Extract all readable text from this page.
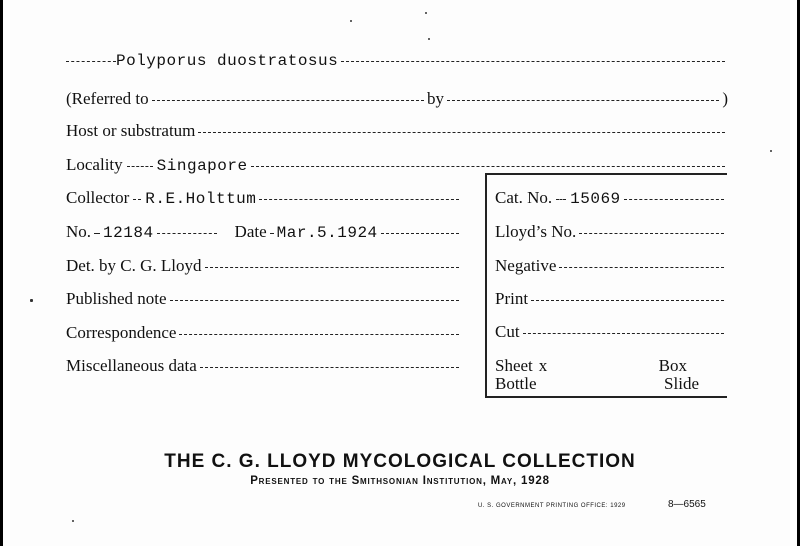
Polyporus duostratosus
(Referred to	by	)
Host or substratum
Locality Singapore
Collector R.E.Holttum
No. 12184	Date Mar.5.1924
Det. by C. G. Lloyd
Published note
Correspondence
Miscellaneous data
Cat. No. 15069
Lloyd’s No.
Negative
Print
Cut
Sheet x	Box
Bottle	Slide
THE C. G. LLOYD MYCOLOGICAL COLLECTION
Presented to the Smithsonian Institution, May, 1928
U. S. GOVERNMENT PRINTING OFFICE: 1929	8—6565
